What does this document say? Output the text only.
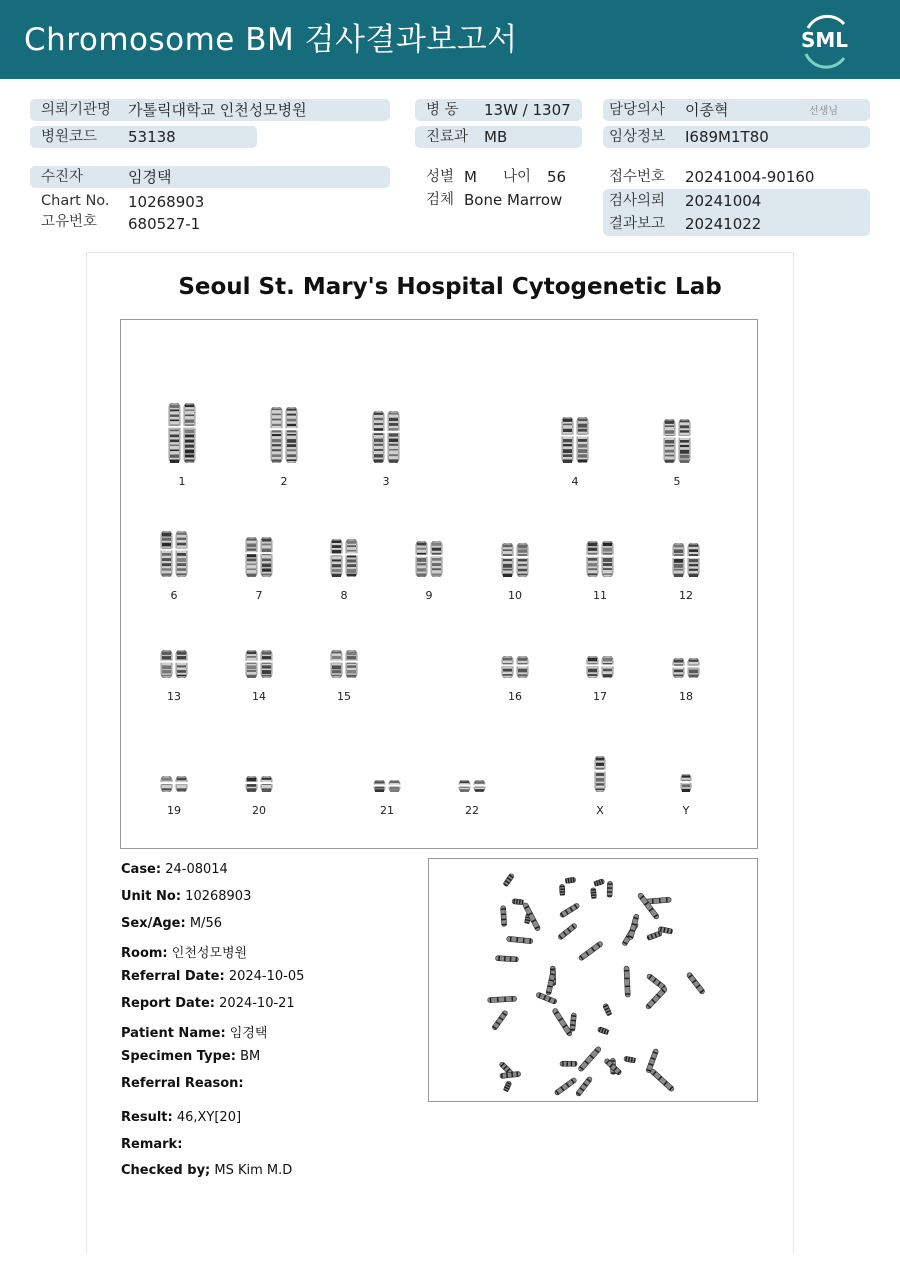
Chromosome BM 검사결과보고서	SML
의뢰기관명 가톨릭대학교 인천성모병원
병원코드 53138
수진자	임경택
Chart No. 10268903
고유번호 680527-1
병 동 13W / 1307
진료과 MB
성별 M 나이 56
검체 Bone Marrow
담당의사 이종혁	선생님
임상정보 I689M1T80
접수번호 20241004-90160
검사의뢰 20241004
결과보고 20241022
Seoul St. Mary's Hospital Cytogenetic Lab
1	2	3	4	5
6	7	8	9	10	11	12
13	14	15	16	17	18
19	20	21	22	X	Y
Case: 24-08014
Unit No: 10268903
Sex/Age: M/56
Room: 인천성모병원
Referral Date: 2024-10-05
Report Date: 2024-10-21
Patient Name: 임경택
Specimen Type: BM
Referral Reason:
Result: 46,XY[20]
Remark:
Checked by; MS Kim M.D
